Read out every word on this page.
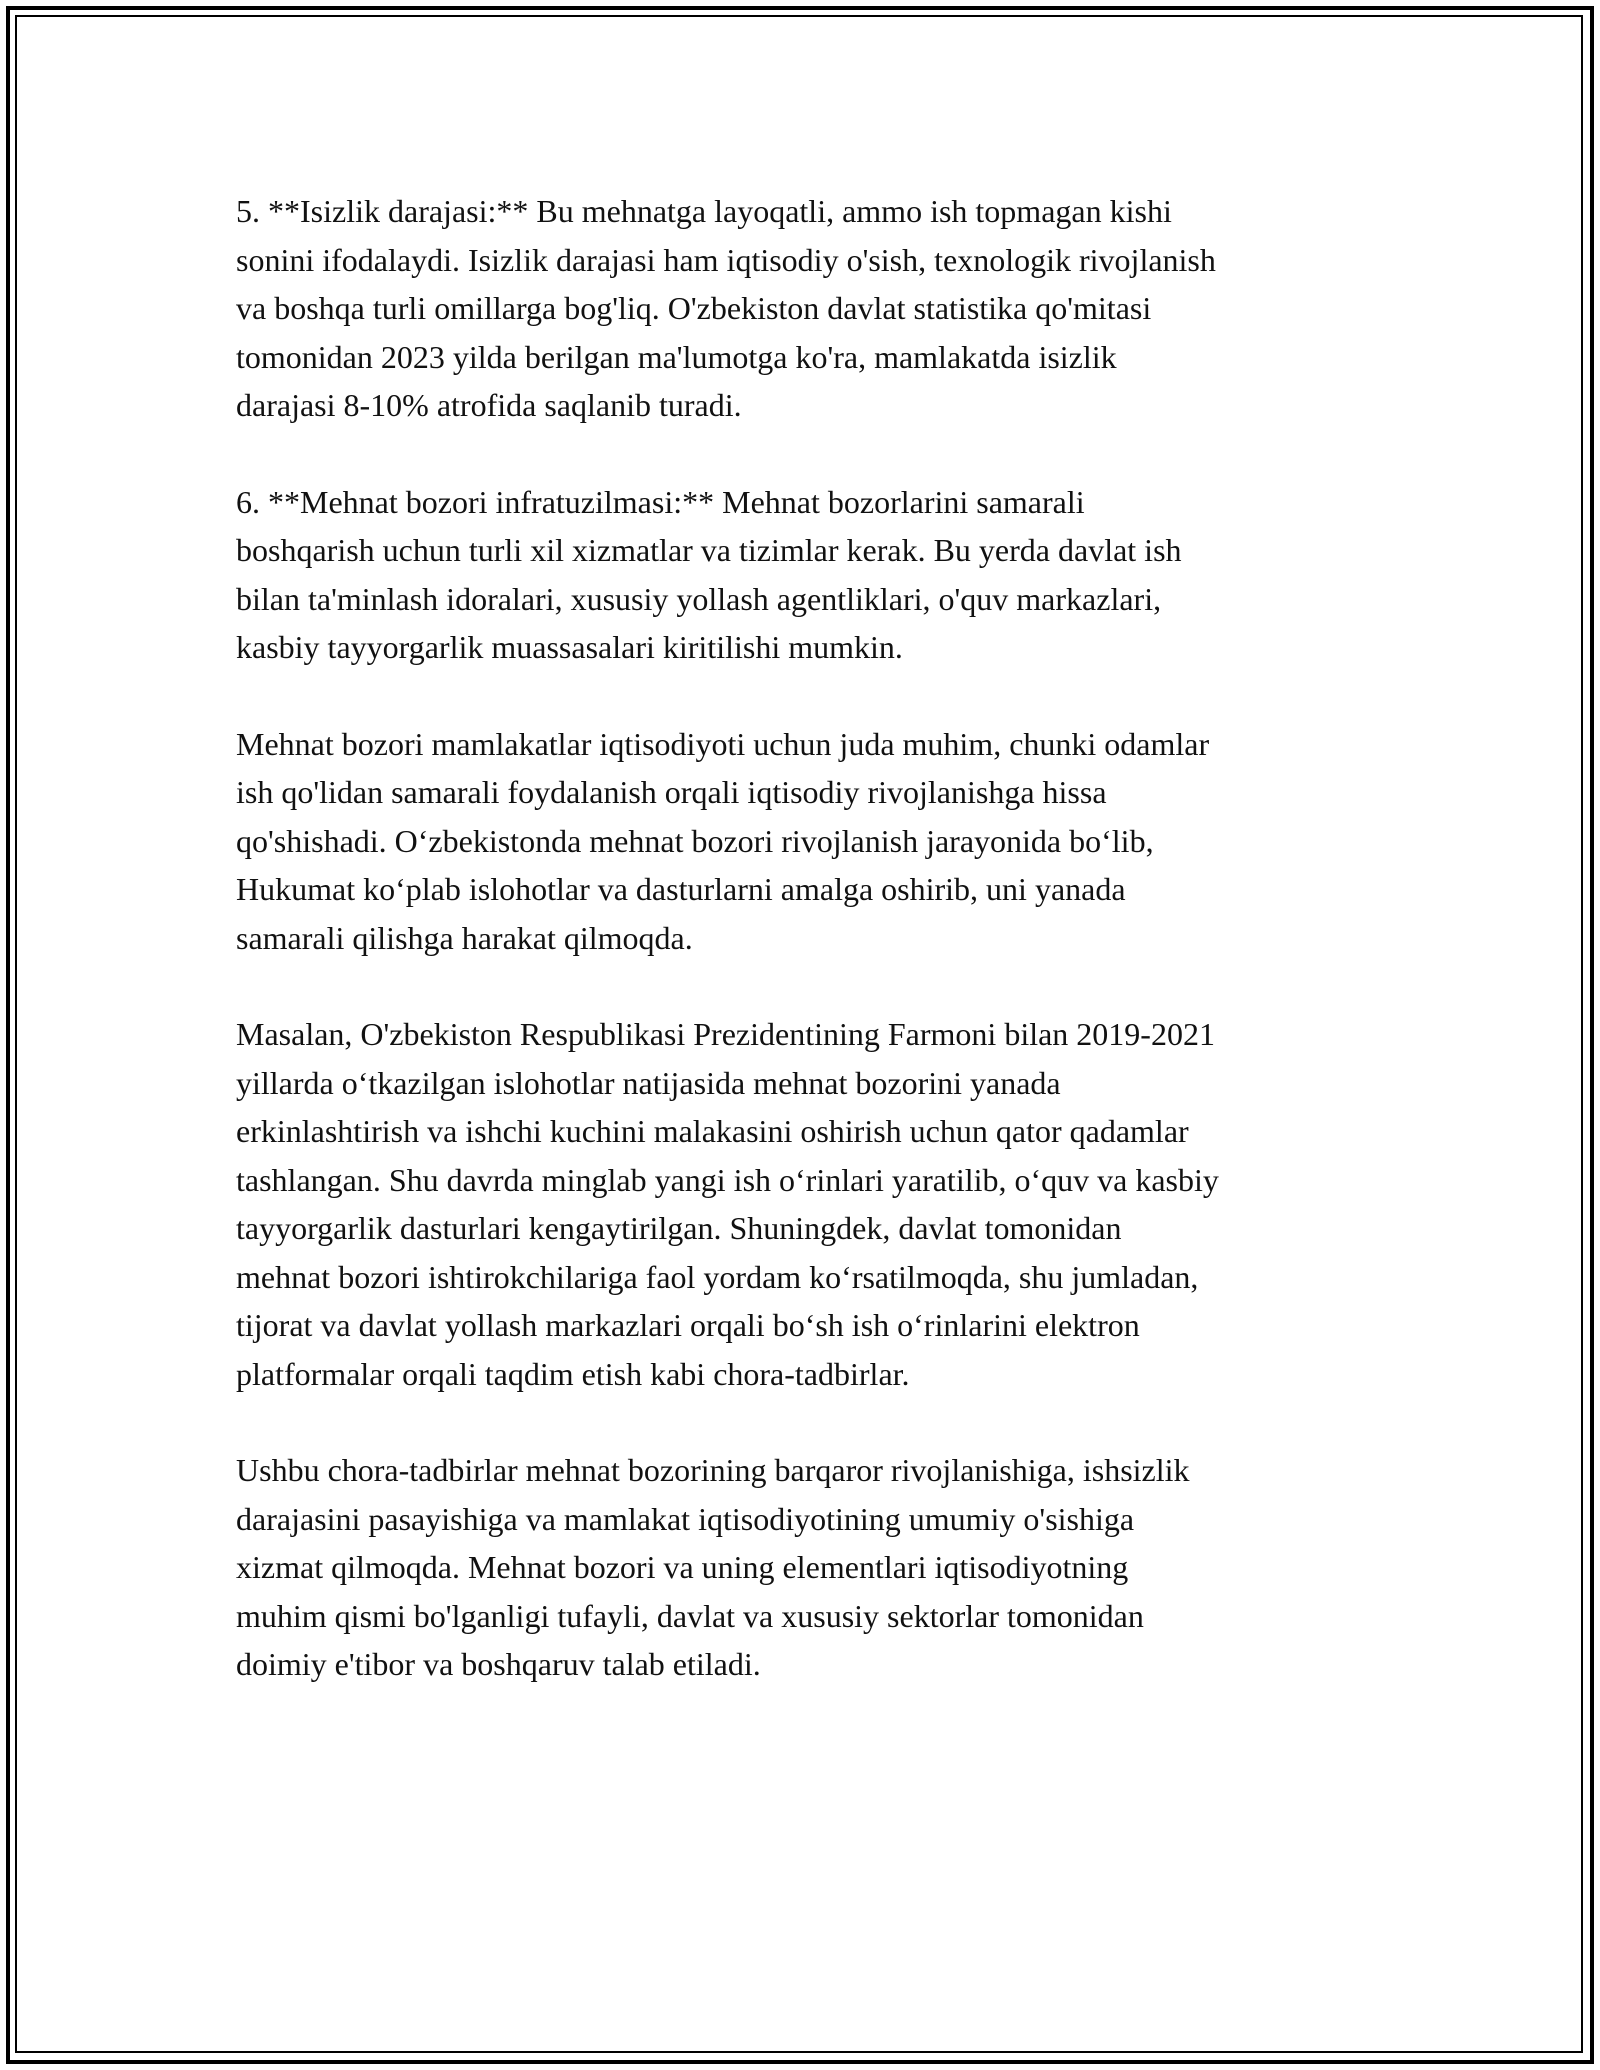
5. **Isizlik darajasi:** Bu mehnatga layoqatli, ammo ish topmagan kishi
sonini ifodalaydi. Isizlik darajasi ham iqtisodiy o'sish, texnologik rivojlanish
va boshqa turli omillarga bog'liq. O'zbekiston davlat statistika qo'mitasi
tomonidan 2023 yilda berilgan ma'lumotga ko'ra, mamlakatda isizlik
darajasi 8-10% atrofida saqlanib turadi.

6. **Mehnat bozori infratuzilmasi:** Mehnat bozorlarini samarali
boshqarish uchun turli xil xizmatlar va tizimlar kerak. Bu yerda davlat ish
bilan ta'minlash idoralari, xususiy yollash agentliklari, o'quv markazlari,
kasbiy tayyorgarlik muassasalari kiritilishi mumkin.

Mehnat bozori mamlakatlar iqtisodiyoti uchun juda muhim, chunki odamlar
ish qo'lidan samarali foydalanish orqali iqtisodiy rivojlanishga hissa
qo'shishadi. O‘zbekistonda mehnat bozori rivojlanish jarayonida bo‘lib,
Hukumat ko‘plab islohotlar va dasturlarni amalga oshirib, uni yanada
samarali qilishga harakat qilmoqda.

Masalan, O'zbekiston Respublikasi Prezidentining Farmoni bilan 2019-2021
yillarda o‘tkazilgan islohotlar natijasida mehnat bozorini yanada
erkinlashtirish va ishchi kuchini malakasini oshirish uchun qator qadamlar
tashlangan. Shu davrda minglab yangi ish o‘rinlari yaratilib, o‘quv va kasbiy
tayyorgarlik dasturlari kengaytirilgan. Shuningdek, davlat tomonidan
mehnat bozori ishtirokchilariga faol yordam ko‘rsatilmoqda, shu jumladan,
tijorat va davlat yollash markazlari orqali bo‘sh ish o‘rinlarini elektron
platformalar orqali taqdim etish kabi chora-tadbirlar.

Ushbu chora-tadbirlar mehnat bozorining barqaror rivojlanishiga, ishsizlik
darajasini pasayishiga va mamlakat iqtisodiyotining umumiy o'sishiga
xizmat qilmoqda. Mehnat bozori va uning elementlari iqtisodiyotning
muhim qismi bo'lganligi tufayli, davlat va xususiy sektorlar tomonidan
doimiy e'tibor va boshqaruv talab etiladi.
